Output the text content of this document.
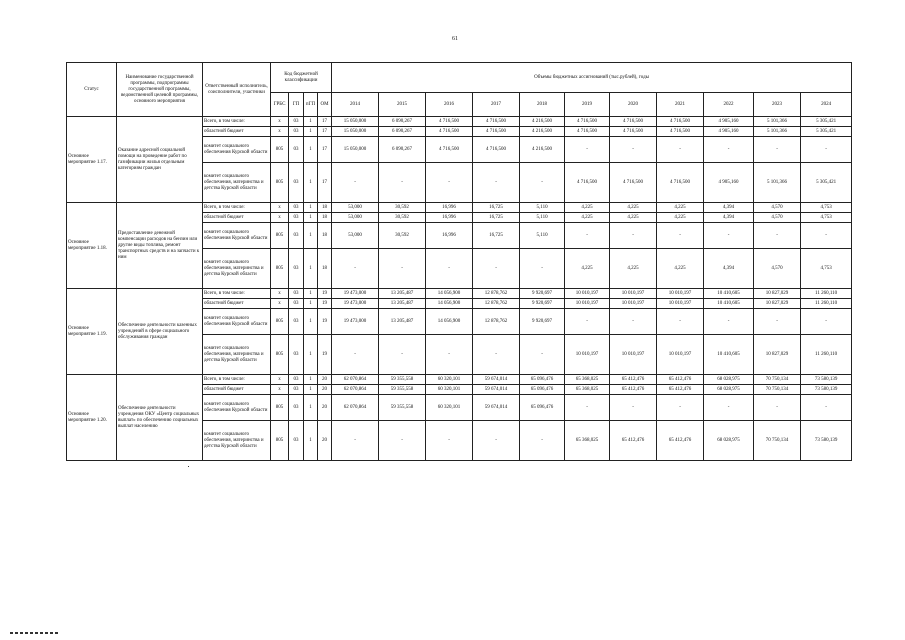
61
Статус	Наименование государственной программы, подпрограммы государственной программы, ведомственной целевой программы, основного мероприятия	Ответственный исполнитель, соисполнители, участники	Код бюджетной классификации				Объемы бюджетных ассигнований (тыс.рублей), годы										
			ГРБС	ГП	пГП	ОМ	2014	2015	2016	2017	2018	2019	2020	2021	2022	2023	2024
Основное мероприятие 1.17.	Оказание адресной социальной помощи на проведение работ по газификации жилья отдельным категориям граждан	Всего, в том числе:	х	03	1	17	15 050,000	6 090,267	4 716,500	4 716,500	4 216,500	4 716,500	4 716,500	4 716,500	4 905,160	5 101,366	5 305,421
		областной бюджет	х	03	1	17	15 050,000	6 090,267	4 716,500	4 716,500	4 216,500	4 716,500	4 716,500	4 716,500	4 905,160	5 101,366	5 305,421
		комитет социального обеспечения Курской области	805	03	1	17	15 050,000	6 090,267	4 716,500	4 716,500	4 216,500	-	-	-	-	-	-
		комитет социального обеспечения, материнства и детства Курской области	805	03	1	17	-	-	-	-	-	4 716,500	4 716,500	4 716,500	4 905,160	5 101,366	5 305,421
Основное мероприятие 1.18.	Предоставление денежной компенсации расходов на бензин или другие виды топлива, ремонт транспортных средств и на запчасти к ним	Всего, в том числе:	х	03	1	18	53,000	30,592	16,996	16,725	5,110	4,225	4,225	4,225	4,394	4,570	4,753
		областной бюджет	х	03	1	18	53,000	30,592	16,996	16,725	5,110	4,225	4,225	4,225	4,394	4,570	4,753
		комитет социального обеспечения Курской области	805	03	1	18	53,000	30,592	16,996	16,725	5,110	-	-	-	-	-	-
		комитет социального обеспечения, материнства и детства Курской области	805	03	1	18	-	-	-	-	-	4,225	4,225	4,225	4,394	4,570	4,753
Основное мероприятие 1.19.	Обеспечение деятельности казенных учреждений в сфере социального обслуживания граждан	Всего, в том числе:	х	03	1	19	19 473,000	13 205,487	14 056,900	12 878,762	9 920,697	10 010,197	10 010,197	10 010,197	10 410,605	10 827,029	11 260,110
		областной бюджет	х	03	1	19	19 473,000	13 205,487	14 056,900	12 878,762	9 920,697	10 010,197	10 010,197	10 010,197	10 410,605	10 827,029	11 260,110
		комитет социального обеспечения Курской области	805	03	1	19	19 473,000	13 205,487	14 056,900	12 878,762	9 920,697	-	-	-	-	-	-
		комитет социального обеспечения, материнства и детства Курской области	805	03	1	19	-	-	-	-	-	10 010,197	10 010,197	10 010,197	10 410,605	10 827,029	11 260,110
Основное мероприятие 1.20.	Обеспечение деятельности учреждения ОКУ «Центр социальных выплат» по обеспечению социальных выплат населению	Всего, в том числе:	х	03	1	20	62 070,864	59 355,558	60 320,101	59 674,014	65 096,476	65 368,025	65 412,476	65 412,476	68 028,975	70 750,134	73 580,139
		областной бюджет	х	03	1	20	62 070,864	59 355,558	60 320,101	59 674,014	65 096,476	65 368,025	65 412,476	65 412,476	68 028,975	70 750,134	73 580,139
		комитет социального обеспечения Курской области	805	03	1	20	62 070,864	59 355,558	60 320,101	59 674,014	65 096,476	-	-	-	-	-	-
		комитет социального обеспечения, материнства и детства Курской области	805	03	1	20	-	-	-	-	-	65 368,025	65 412,476	65 412,476	68 028,975	70 750,134	73 580,139
